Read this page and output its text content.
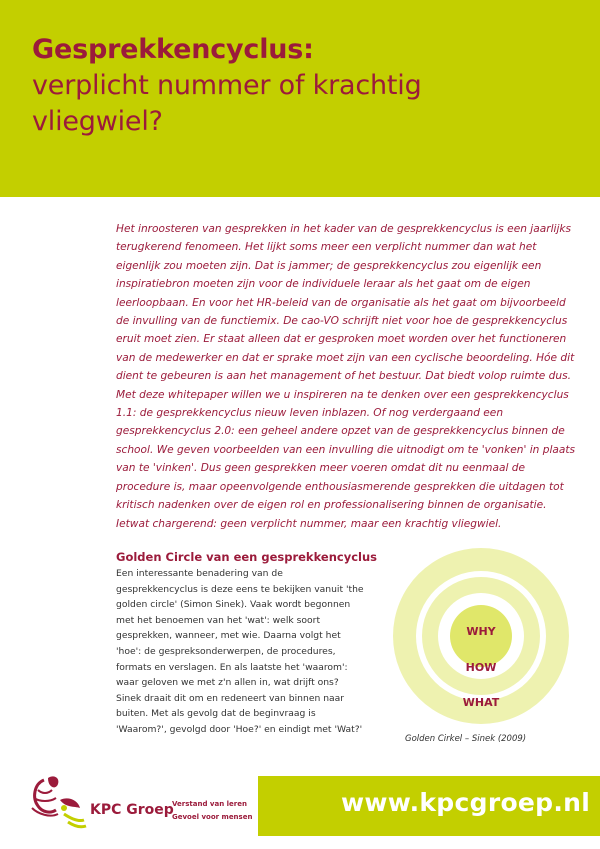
Gesprekkencyclus:
verplicht nummer of krachtig
vliegwiel?

Het inroosteren van gesprekken in het kader van de gesprekkencyclus is een jaarlijks terugkerend fenomeen. Het lijkt soms meer een verplicht nummer dan wat het eigenlijk zou moeten zijn. Dat is jammer; de gesprekkencyclus zou eigenlijk een inspiratiebron moeten zijn voor de individuele leraar als het gaat om de eigen leerloopbaan. En voor het HR-beleid van de organisatie als het gaat om bijvoorbeeld de invulling van de functiemix. De cao-VO schrijft niet voor hoe de gesprekkencyclus eruit moet zien. Er staat alleen dat er gesproken moet worden over het functioneren van de medewerker en dat er sprake moet zijn van een cyclische beoordeling. Hóe dit dient te gebeuren is aan het management of het bestuur. Dat biedt volop ruimte dus.

Met deze whitepaper willen we u inspireren na te denken over een gesprekkencyclus 1.1: de gesprekkencyclus nieuw leven inblazen. Of nog verdergaand een gesprekkencyclus 2.0: een geheel andere opzet van de gesprekkencyclus binnen de school. We geven voorbeelden van een invulling die uitnodigt om te 'vonken' in plaats van te 'vinken'. Dus geen gesprekken meer voeren omdat dit nu eenmaal de procedure is, maar opeenvolgende enthousiasmerende gesprekken die uitdagen tot kritisch nadenken over de eigen rol en professionalisering binnen de organisatie. Ietwat chargerend: geen verplicht nummer, maar een krachtig vliegwiel.

Golden Circle van een gesprekkencyclus
Een interessante benadering van de gesprekkencyclus is deze eens te bekijken vanuit 'the golden circle' (Simon Sinek). Vaak wordt begonnen met het benoemen van het 'wat': welk soort gesprekken, wanneer, met wie. Daarna volgt het 'hoe': de gespreksonderwerpen, de procedures, formats en verslagen. En als laatste het 'waarom': waar geloven we met z'n allen in, wat drijft ons? Sinek draait dit om en redeneert van binnen naar buiten. Met als gevolg dat de beginvraag is 'Waarom?', gevolgd door 'Hoe?' en eindigt met 'Wat?'
WHY
HOW
WHAT
Golden Cirkel – Sinek (2009)
KPC Groep
Verstand van leren
Gevoel voor mensen	www.kpcgroep.nl
